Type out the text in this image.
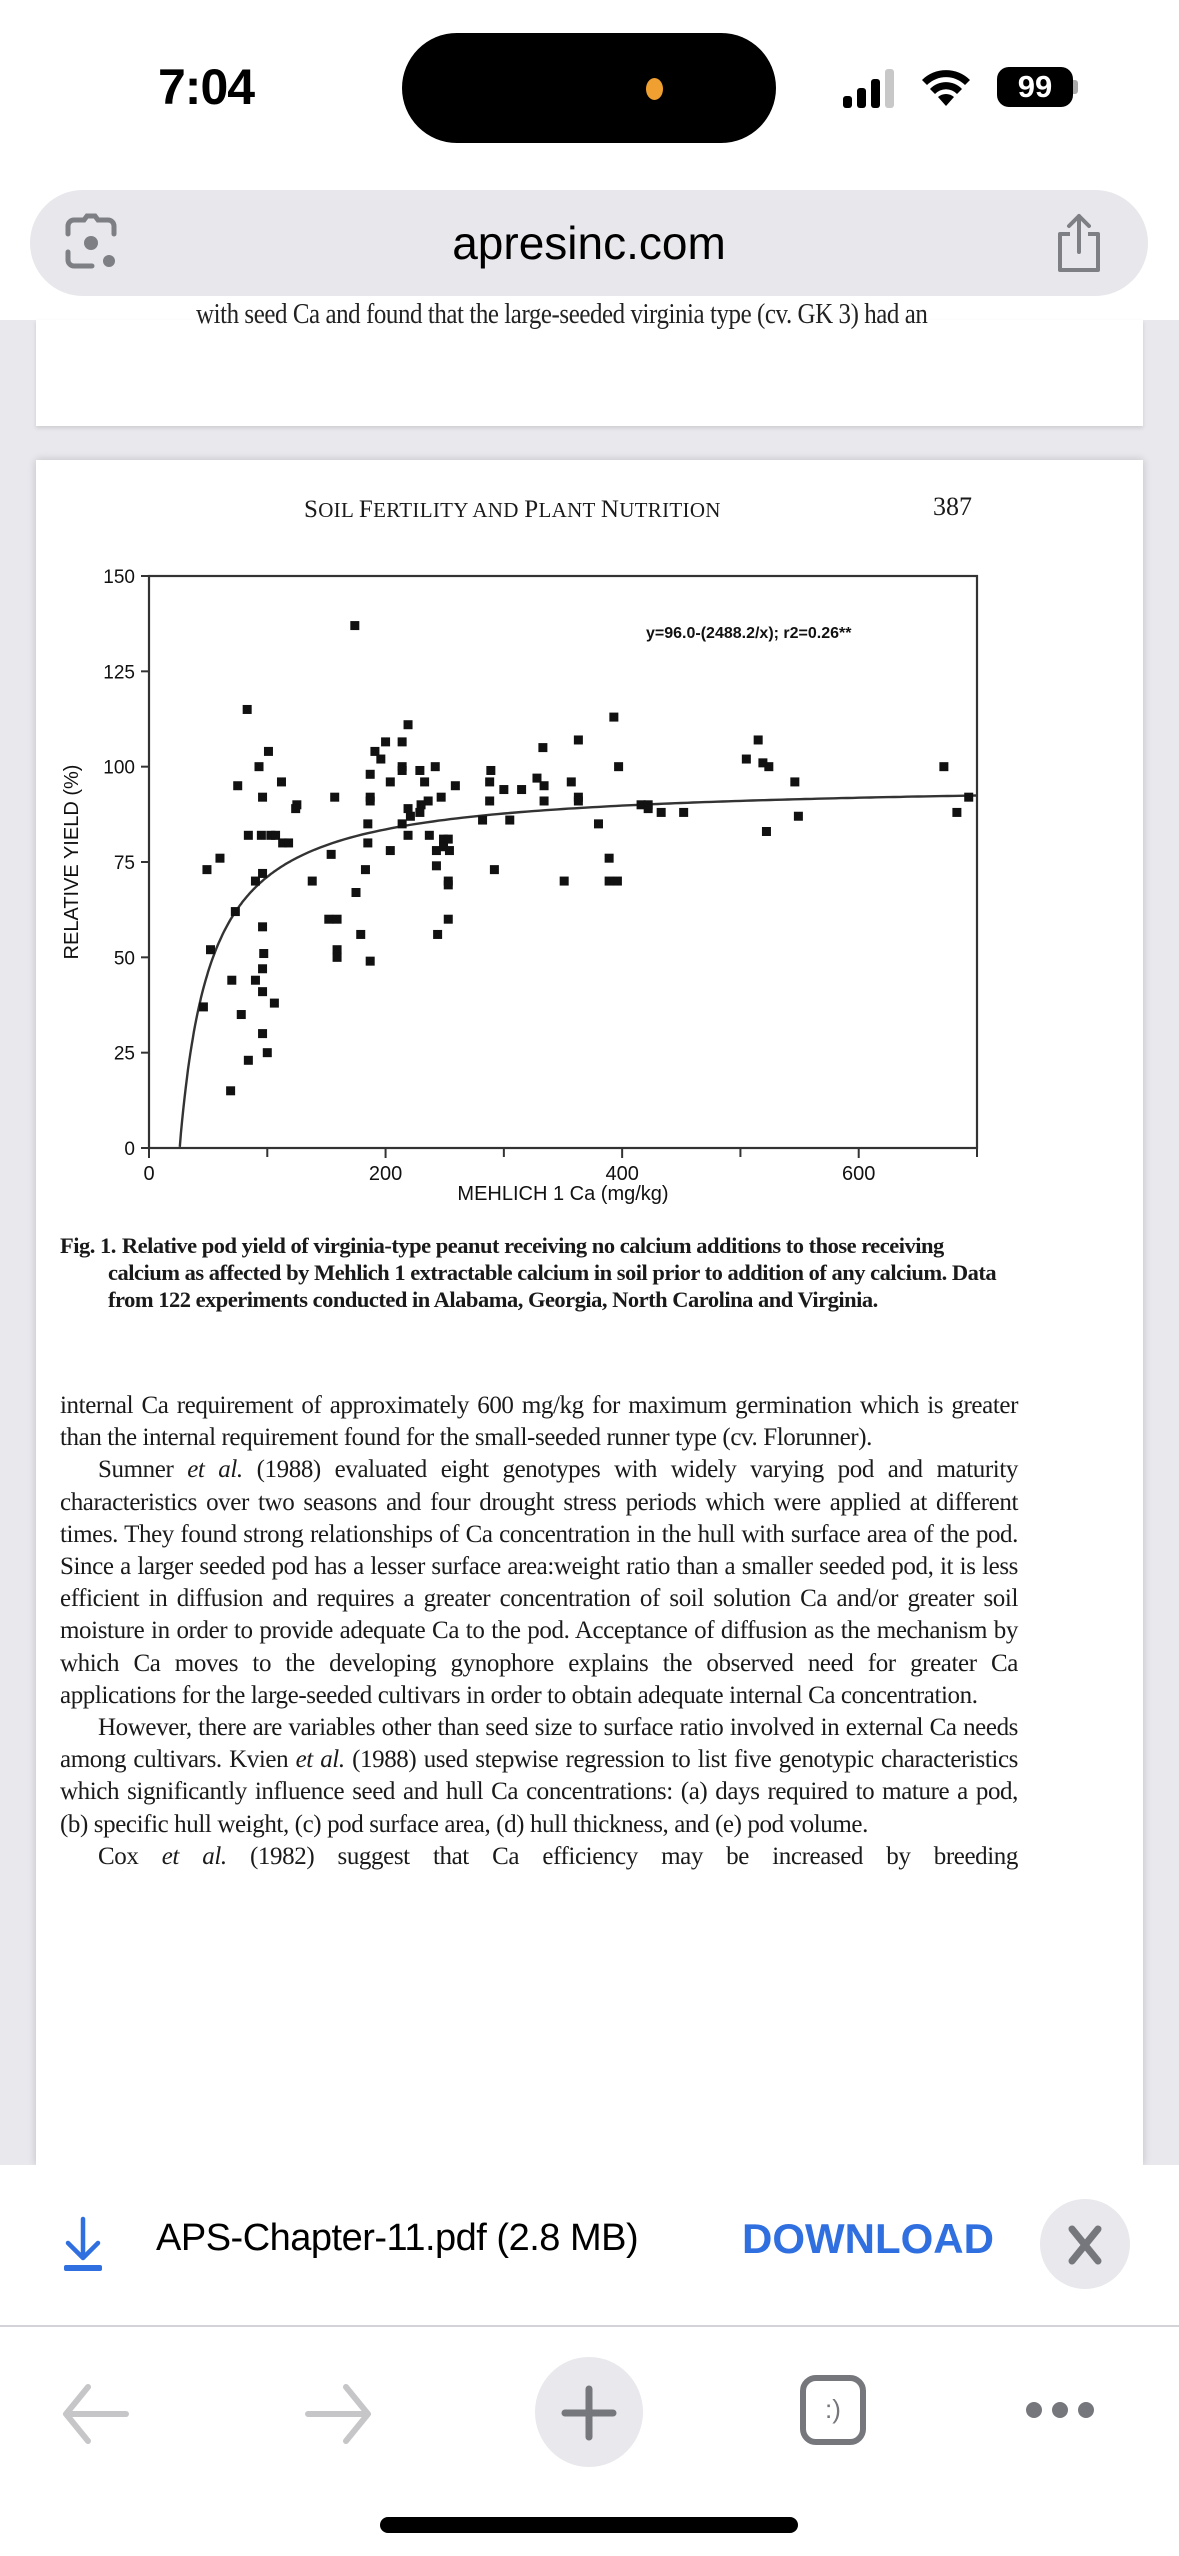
7:04	99
apresinc.com
with seed Ca and found that the large-seeded virginia type (cv. GK 3) had an
SOIL FERTILITY AND PLANT NUTRITION	387
0
25
50
75
100
125
150
0	200	400	600
y=96.0-(2488.2/x); r2=0.26**
MEHLICH 1 Ca (mg/kg)
RELATIVE YIELD (%)

Fig. 1. Relative pod yield of virginia-type peanut receiving no calcium additions to those receiving calcium as affected by Mehlich 1 extractable calcium in soil prior to addition of any calcium. Data from 122 experiments conducted in Alabama, Georgia, North Carolina and Virginia.

internal Ca requirement of approximately 600 mg/kg for maximum germination which is greater than the internal requirement found for the small-seeded runner type (cv. Florunner).

Sumner et al. (1988) evaluated eight genotypes with widely varying pod and maturity characteristics over two seasons and four drought stress periods which were applied at different times. They found strong relationships of Ca concentration in the hull with surface area of the pod. Since a larger seeded pod has a lesser surface area:weight ratio than a smaller seeded pod, it is less efficient in diffusion and requires a greater concentration of soil solution Ca and/or greater soil moisture in order to provide adequate Ca to the pod. Acceptance of diffusion as the mechanism by which Ca moves to the developing gynophore explains the observed need for greater Ca applications for the large-seeded cultivars in order to obtain adequate internal Ca concentration.

However, there are variables other than seed size to surface ratio involved in external Ca needs among cultivars. Kvien et al. (1988) used stepwise regression to list five genotypic characteristics which significantly influence seed and hull Ca concentrations: (a) days required to mature a pod, (b) specific hull weight, (c) pod surface area, (d) hull thickness, and (e) pod volume.

Cox et al. (1982) suggest that Ca efficiency may be increased by breeding

APS-Chapter-11.pdf (2.8 MB) DOWNLOAD
:)
